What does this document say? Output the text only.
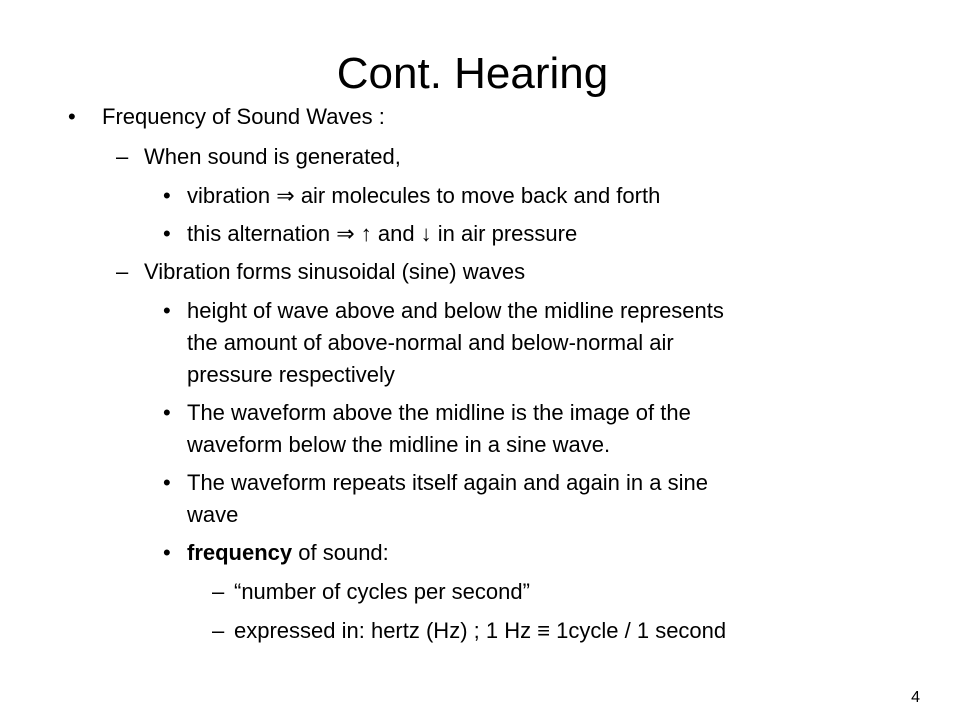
Cont. Hearing
• Frequency of Sound Waves :
– When sound is generated,
• vibration ⇒ air molecules to move back and forth
• this alternation ⇒ ↑ and ↓ in air pressure
– Vibration forms sinusoidal (sine) waves
• height of wave above and below the midline represents
the amount of above-normal and below-normal air
pressure respectively
• The waveform above the midline is the image of the
waveform below the midline in a sine wave.
• The waveform repeats itself again and again in a sine
wave
• frequency of sound:
– “number of cycles per second”
– expressed in: hertz (Hz) ; 1 Hz ≡ 1cycle / 1 second
4
